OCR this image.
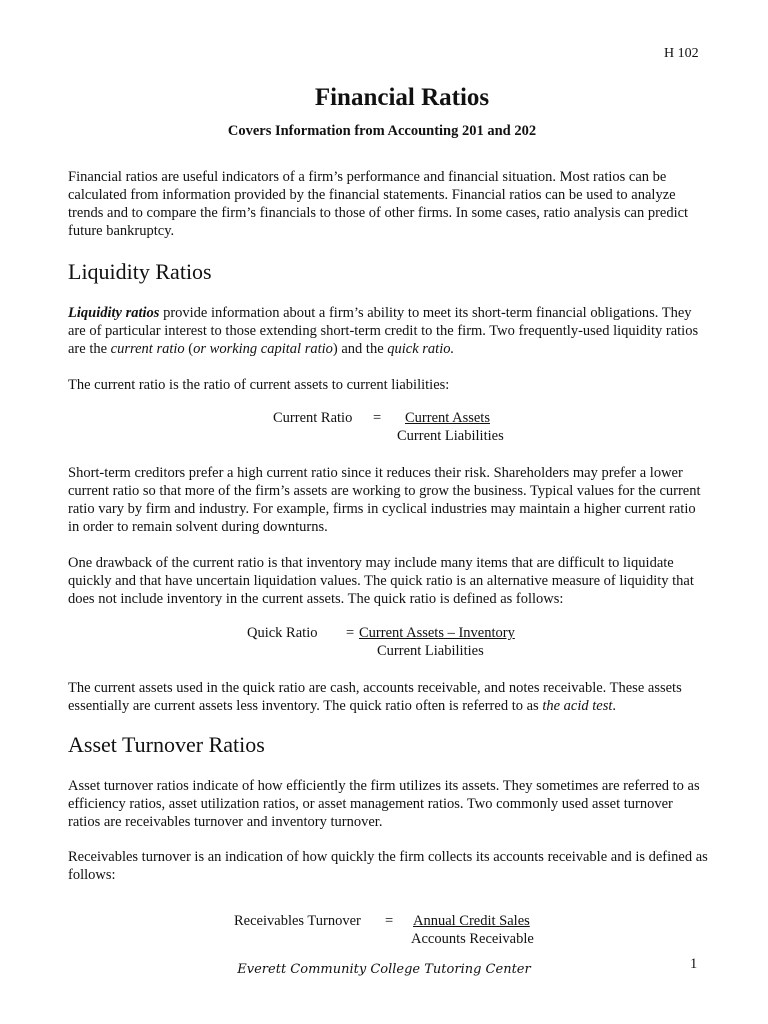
H 102
Financial Ratios
Covers Information from Accounting 201 and 202
Financial ratios are useful indicators of a firm’s performance and financial situation. Most ratios can be calculated from information provided by the financial statements. Financial ratios can be used to analyze trends and to compare the firm’s financials to those of other firms. In some cases, ratio analysis can predict future bankruptcy.
Liquidity Ratios
Liquidity ratios provide information about a firm’s ability to meet its short-term financial obligations. They are of particular interest to those extending short-term credit to the firm. Two frequently-used liquidity ratios are the current ratio (or working capital ratio) and the quick ratio.
The current ratio is the ratio of current assets to current liabilities:
Current Ratio = Current Assets
Current Liabilities
Short-term creditors prefer a high current ratio since it reduces their risk. Shareholders may prefer a lower current ratio so that more of the firm’s assets are working to grow the business. Typical values for the current ratio vary by firm and industry. For example, firms in cyclical industries may maintain a higher current ratio in order to remain solvent during downturns.
One drawback of the current ratio is that inventory may include many items that are difficult to liquidate quickly and that have uncertain liquidation values. The quick ratio is an alternative measure of liquidity that does not include inventory in the current assets. The quick ratio is defined as follows:
Quick Ratio = Current Assets – Inventory
Current Liabilities
The current assets used in the quick ratio are cash, accounts receivable, and notes receivable. These assets essentially are current assets less inventory. The quick ratio often is referred to as the acid test.
Asset Turnover Ratios
Asset turnover ratios indicate of how efficiently the firm utilizes its assets. They sometimes are referred to as efficiency ratios, asset utilization ratios, or asset management ratios. Two commonly used asset turnover ratios are receivables turnover and inventory turnover.
Receivables turnover is an indication of how quickly the firm collects its accounts receivable and is defined as follows:
Receivables Turnover = Annual Credit Sales
Accounts Receivable
Everett Community College Tutoring Center	1
